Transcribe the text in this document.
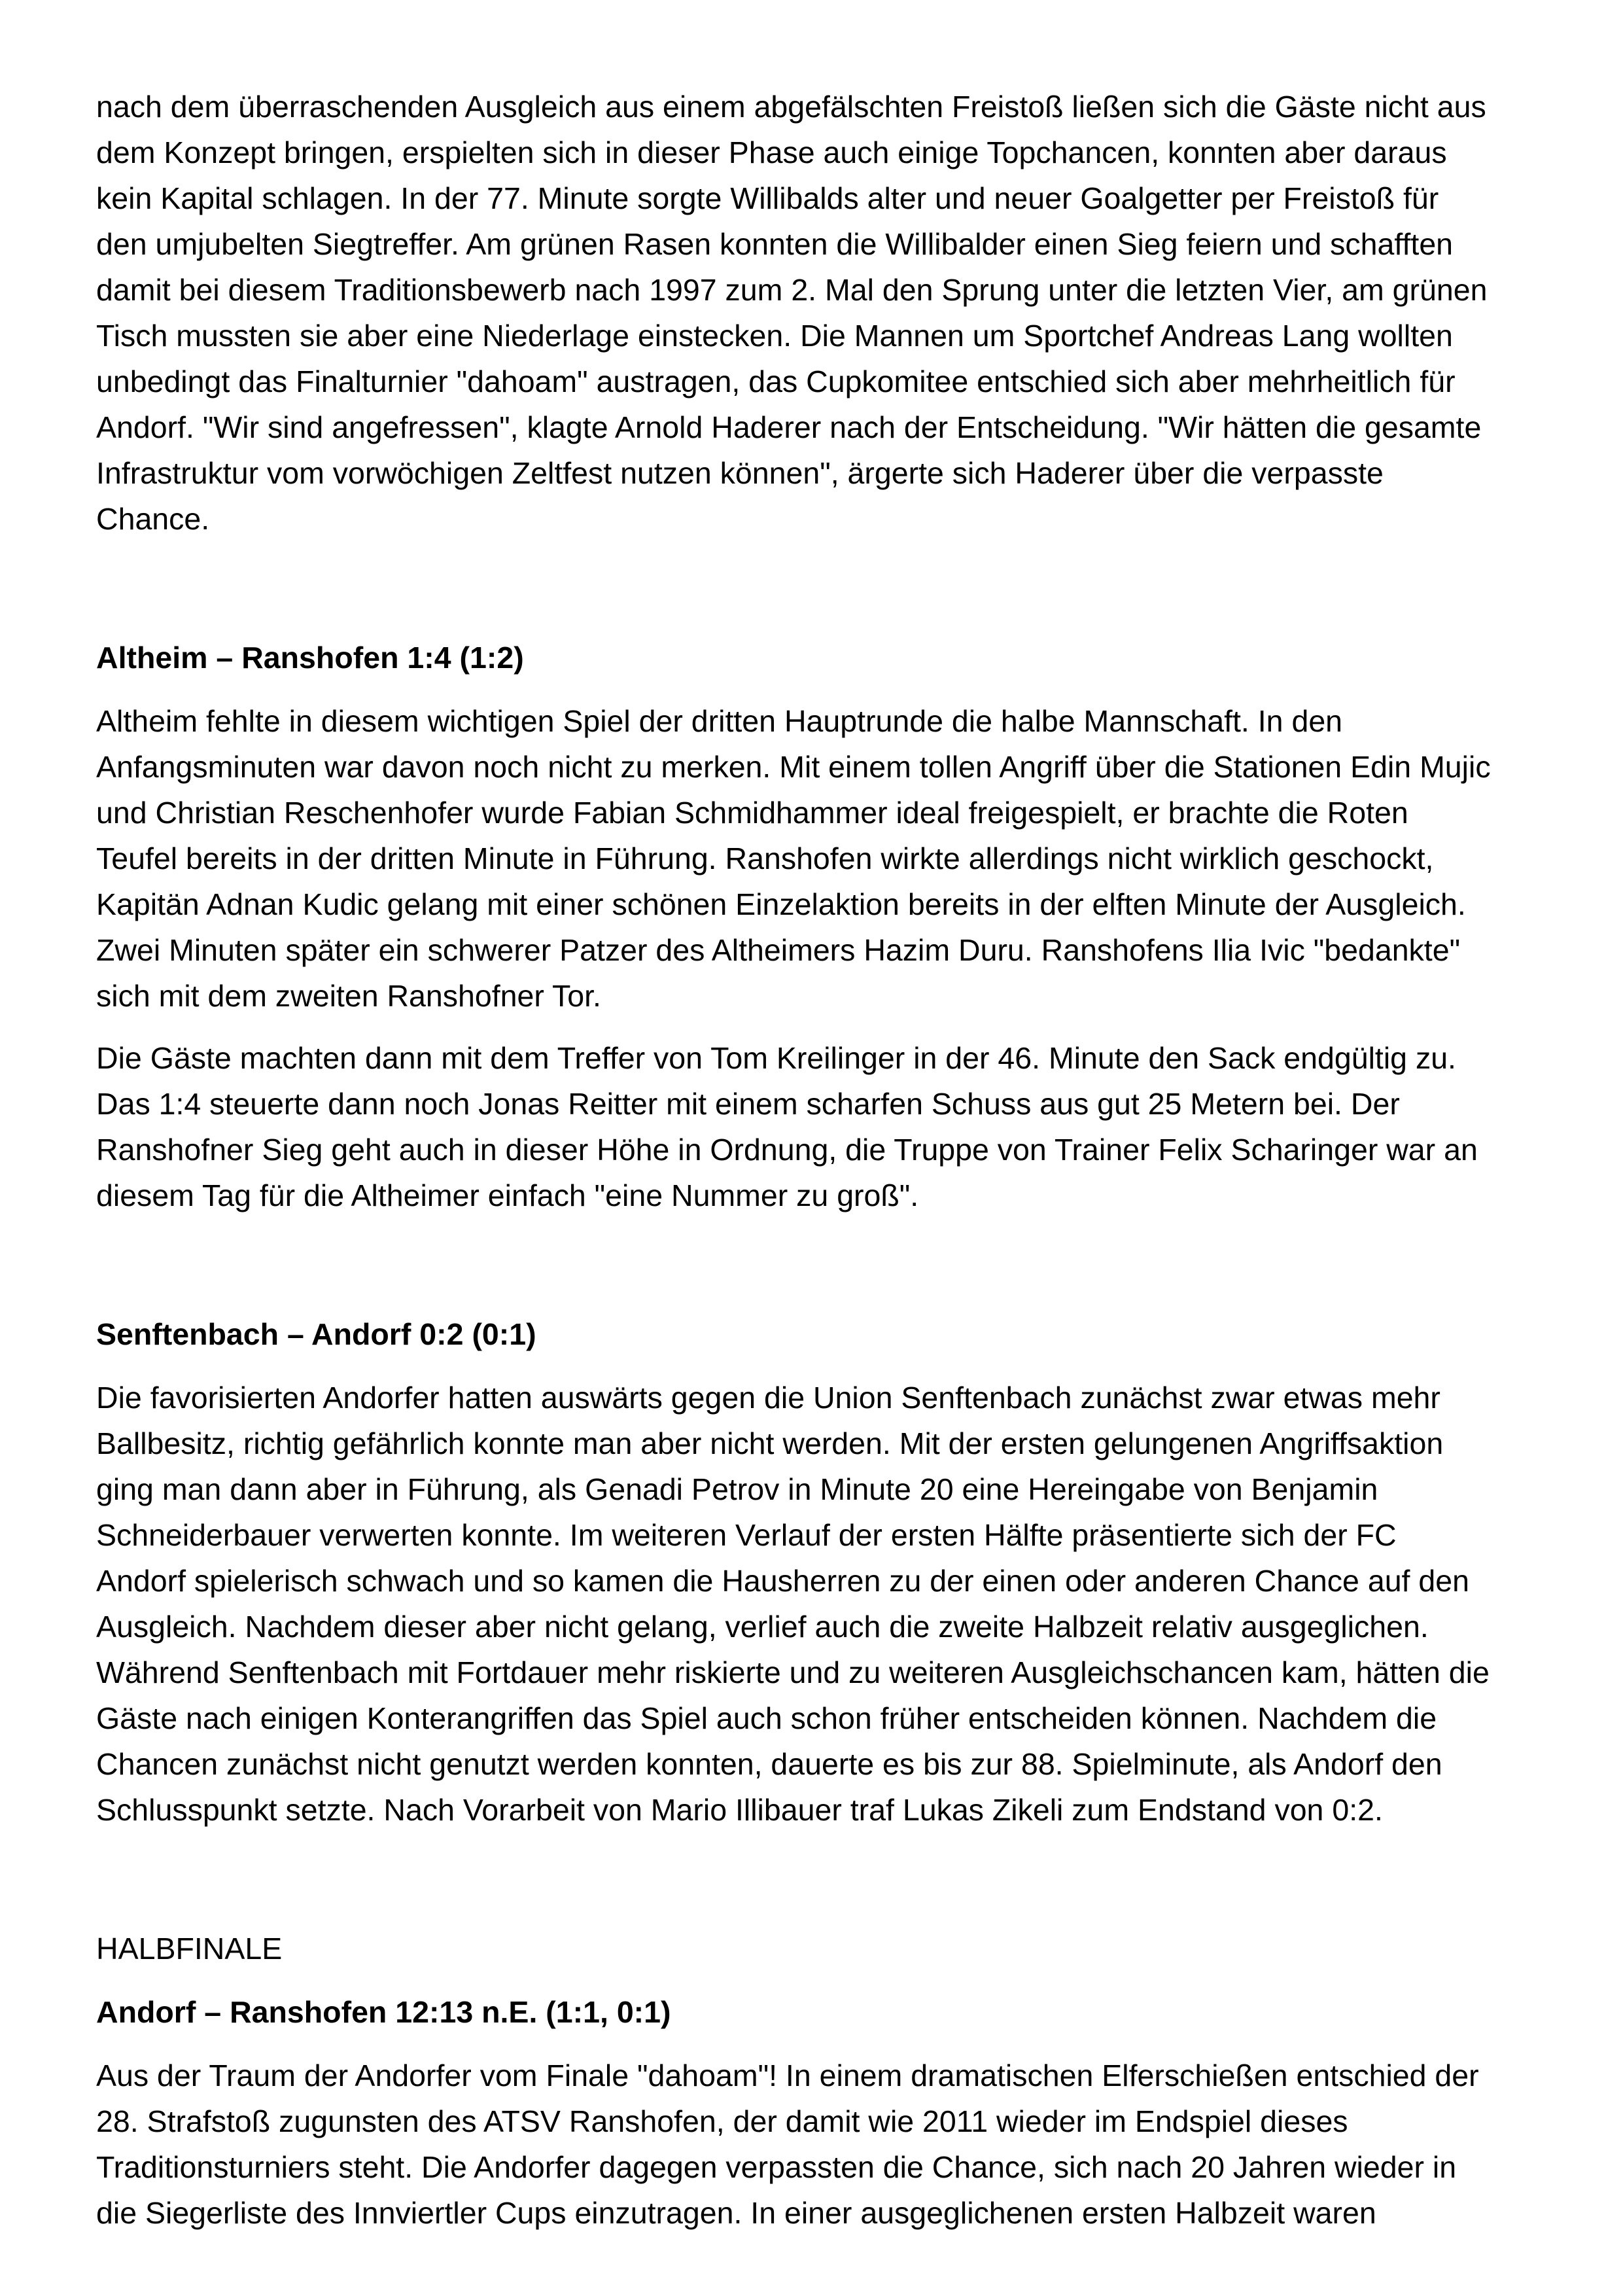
nach dem überraschenden Ausgleich aus einem abgefälschten Freistoß ließen sich die Gäste nicht aus
dem Konzept bringen, erspielten sich in dieser Phase auch einige Topchancen, konnten aber daraus
kein Kapital schlagen. In der 77. Minute sorgte Willibalds alter und neuer Goalgetter per Freistoß für
den umjubelten Siegtreffer. Am grünen Rasen konnten die Willibalder einen Sieg feiern und schafften
damit bei diesem Traditionsbewerb nach 1997 zum 2. Mal den Sprung unter die letzten Vier, am grünen
Tisch mussten sie aber eine Niederlage einstecken. Die Mannen um Sportchef Andreas Lang wollten
unbedingt das Finalturnier "dahoam" austragen, das Cupkomitee entschied sich aber mehrheitlich für
Andorf. "Wir sind angefressen", klagte Arnold Haderer nach der Entscheidung. "Wir hätten die gesamte
Infrastruktur vom vorwöchigen Zeltfest nutzen können", ärgerte sich Haderer über die verpasste
Chance.

Altheim – Ranshofen 1:4 (1:2)

Altheim fehlte in diesem wichtigen Spiel der dritten Hauptrunde die halbe Mannschaft. In den
Anfangsminuten war davon noch nicht zu merken. Mit einem tollen Angriff über die Stationen Edin Mujic
und Christian Reschenhofer wurde Fabian Schmidhammer ideal freigespielt, er brachte die Roten
Teufel bereits in der dritten Minute in Führung. Ranshofen wirkte allerdings nicht wirklich geschockt,
Kapitän Adnan Kudic gelang mit einer schönen Einzelaktion bereits in der elften Minute der Ausgleich.
Zwei Minuten später ein schwerer Patzer des Altheimers Hazim Duru. Ranshofens Ilia Ivic "bedankte"
sich mit dem zweiten Ranshofner Tor.

Die Gäste machten dann mit dem Treffer von Tom Kreilinger in der 46. Minute den Sack endgültig zu.
Das 1:4 steuerte dann noch Jonas Reitter mit einem scharfen Schuss aus gut 25 Metern bei. Der
Ranshofner Sieg geht auch in dieser Höhe in Ordnung, die Truppe von Trainer Felix Scharinger war an
diesem Tag für die Altheimer einfach "eine Nummer zu groß".

Senftenbach – Andorf 0:2 (0:1)

Die favorisierten Andorfer hatten auswärts gegen die Union Senftenbach zunächst zwar etwas mehr
Ballbesitz, richtig gefährlich konnte man aber nicht werden. Mit der ersten gelungenen Angriffsaktion
ging man dann aber in Führung, als Genadi Petrov in Minute 20 eine Hereingabe von Benjamin
Schneiderbauer verwerten konnte. Im weiteren Verlauf der ersten Hälfte präsentierte sich der FC
Andorf spielerisch schwach und so kamen die Hausherren zu der einen oder anderen Chance auf den
Ausgleich. Nachdem dieser aber nicht gelang, verlief auch die zweite Halbzeit relativ ausgeglichen.
Während Senftenbach mit Fortdauer mehr riskierte und zu weiteren Ausgleichschancen kam, hätten die
Gäste nach einigen Konterangriffen das Spiel auch schon früher entscheiden können. Nachdem die
Chancen zunächst nicht genutzt werden konnten, dauerte es bis zur 88. Spielminute, als Andorf den
Schlusspunkt setzte. Nach Vorarbeit von Mario Illibauer traf Lukas Zikeli zum Endstand von 0:2.

HALBFINALE

Andorf – Ranshofen 12:13 n.E. (1:1, 0:1)

Aus der Traum der Andorfer vom Finale "dahoam"! In einem dramatischen Elferschießen entschied der
28. Strafstoß zugunsten des ATSV Ranshofen, der damit wie 2011 wieder im Endspiel dieses
Traditionsturniers steht. Die Andorfer dagegen verpassten die Chance, sich nach 20 Jahren wieder in
die Siegerliste des Innviertler Cups einzutragen. In einer ausgeglichenen ersten Halbzeit waren
